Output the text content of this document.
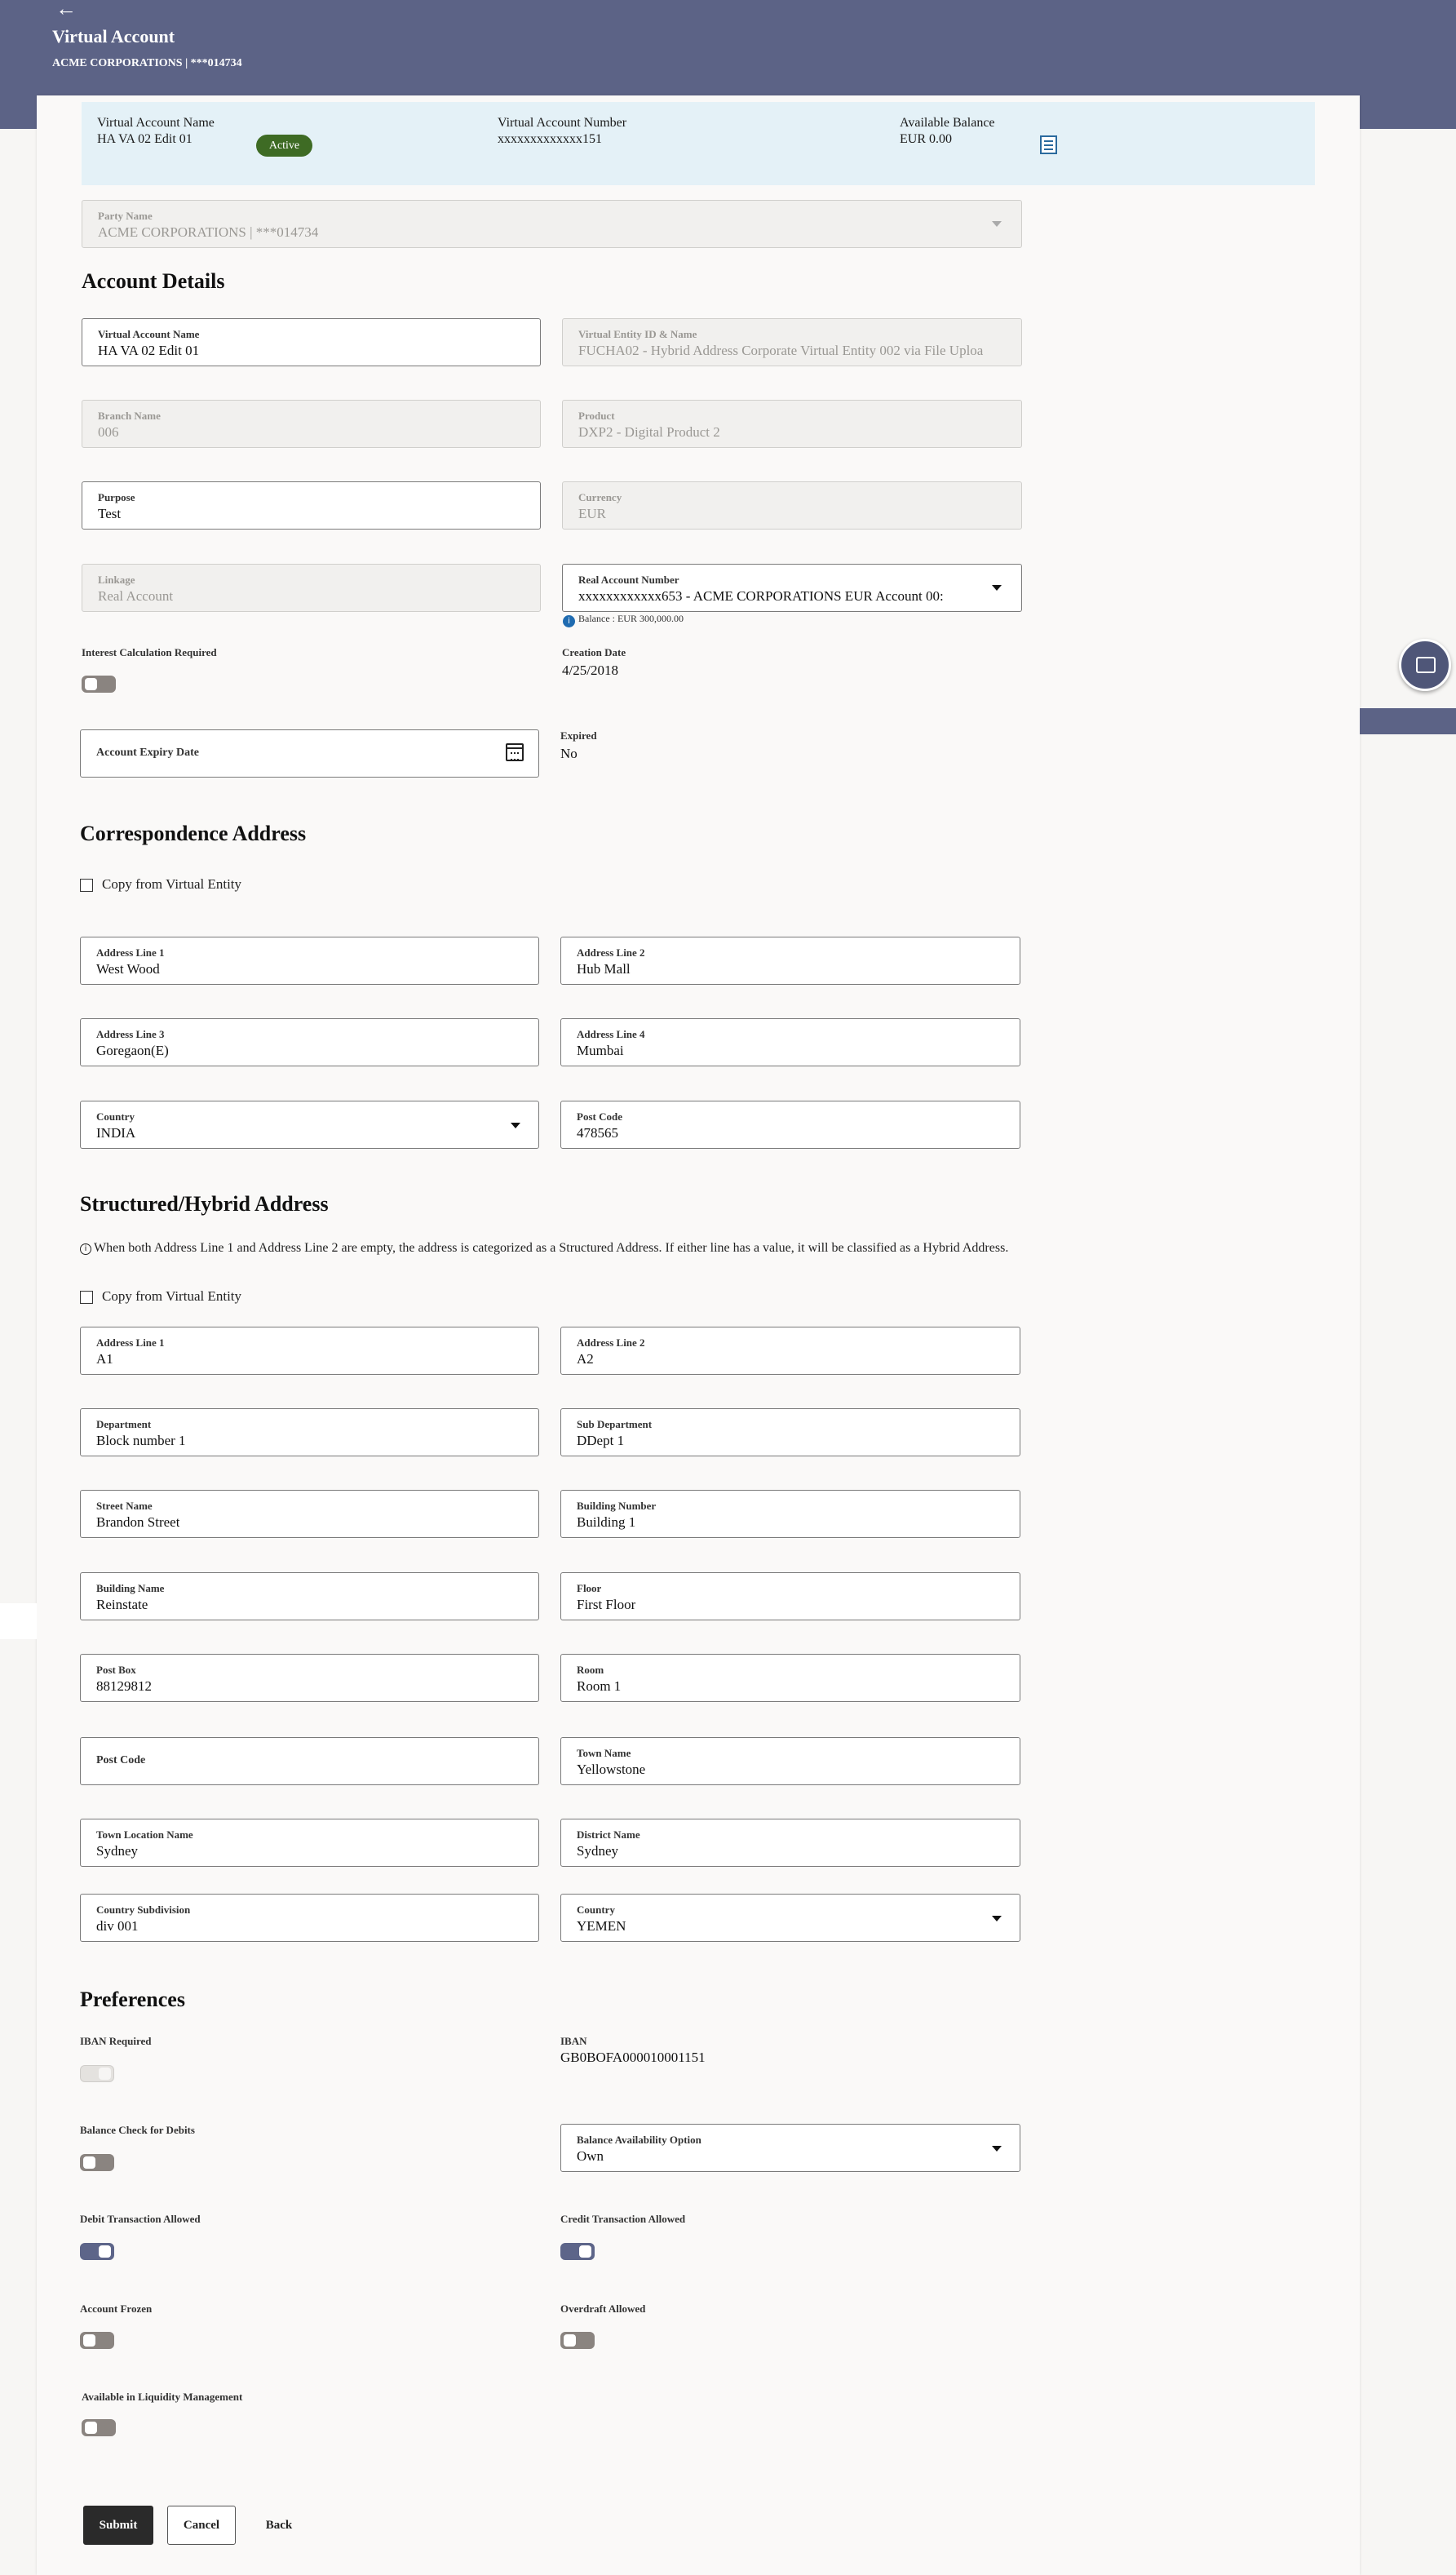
←
Virtual Account
ACME CORPORATIONS | ***014734
Virtual Account Name
HA VA 02 Edit 01	Active
Virtual Account Number
xxxxxxxxxxxxx151
Available Balance
EUR 0.00
Party Name
ACME CORPORATIONS | ***014734
Account Details
Virtual Account Name
HA VA 02 Edit 01
Virtual Entity ID & Name
FUCHA02 - Hybrid Address Corporate Virtual Entity 002 via File Uploa
Branch Name
006
Product
DXP2 - Digital Product 2
Purpose
Test
Currency
EUR
Linkage
Real Account
Real Account Number
xxxxxxxxxxxx653 - ACME CORPORATIONS EUR Account 00:
i Balance : EUR 300,000.00
Interest Calculation Required	Creation Date
4/25/2018
Account Expiry Date
Expired
No
Correspondence Address
Copy from Virtual Entity
Address Line 1
West Wood
Address Line 2
Hub Mall
Address Line 3
Goregaon(E)
Address Line 4
Mumbai
Country
INDIA
Post Code
478565
Structured/Hybrid Address
i When both Address Line 1 and Address Line 2 are empty, the address is categorized as a Structured Address. If either line has a value, it will be classified as a Hybrid Address.
Copy from Virtual Entity
Address Line 1
A1
Address Line 2
A2
Department
Block number 1
Sub Department
DDept 1
Street Name
Brandon Street
Building Number
Building 1
Building Name
Reinstate
Floor
First Floor
Post Box
88129812
Room
Room 1
Post Code
Town Name
Yellowstone
Town Location Name
Sydney
District Name
Sydney
Country Subdivision
div 001
Country
YEMEN
Preferences
IBAN Required	IBAN
GB0BOFA000010001151
Balance Check for Debits
Balance Availability Option
Own
Debit Transaction Allowed	Credit Transaction Allowed
Account Frozen	Overdraft Allowed
Available in Liquidity Management
Submit	Cancel	Back
